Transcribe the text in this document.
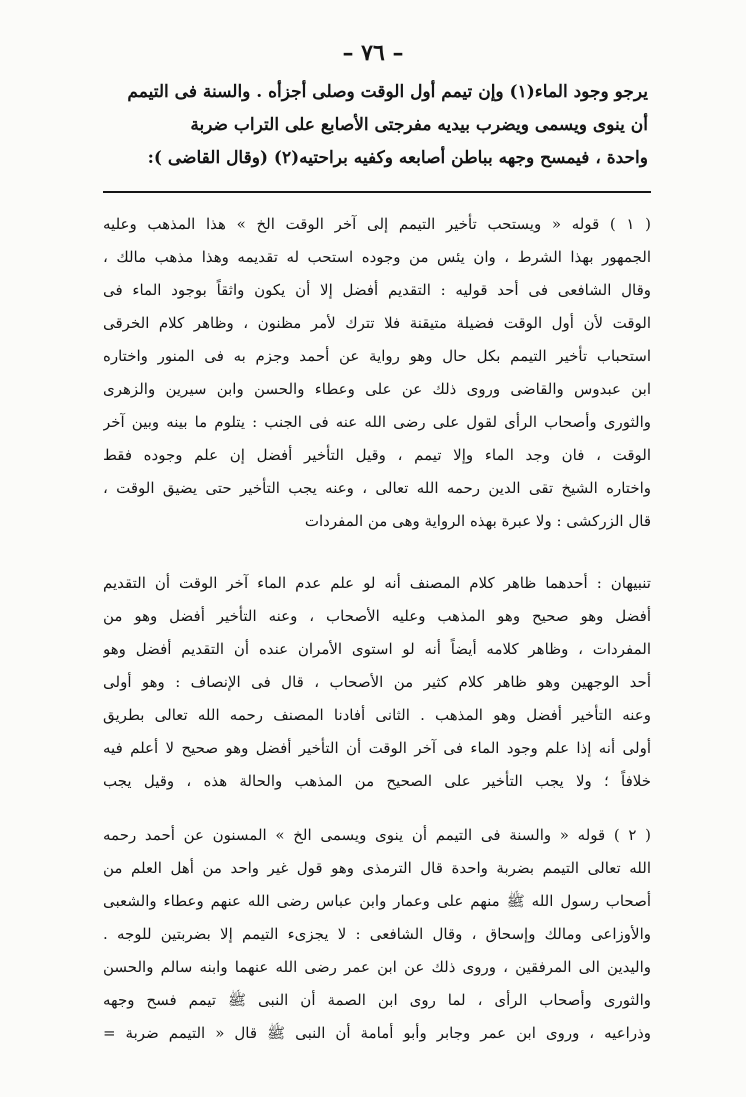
– ٧٦ –
يرجو وجود الماء(١) وإن تيمم أول الوقت وصلى أجزأه . والسنة فى التيمم
أن ينوى ويسمى ويضرب بيديه مفرجتى الأصابع على التراب ضربة
واحدة ، فيمسح وجهه بباطن أصابعه وكفيه براحتيه(٢) (وقال القاضى ):
( ١ ) قوله « ويستحب تأخير التيمم إلى آخر الوقت الخ » هذا المذهب وعليه
الجمهور بهذا الشرط ، وان يئس من وجوده استحب له تقديمه وهذا مذهب مالك ،
وقال الشافعى فى أحد قوليه : التقديم أفضل إلا أن يكون واثقاً بوجود الماء فى
الوقت لأن أول الوقت فضيلة متيقنة فلا تترك لأمر مظنون ، وظاهر كلام الخرقى
استحباب تأخير التيمم بكل حال وهو رواية عن أحمد وجزم به فى المنور واختاره
ابن عبدوس والقاضى وروى ذلك عن على وعطاء والحسن وابن سيرين والزهرى
والثورى وأصحاب الرأى لقول على رضى الله عنه فى الجنب : يتلوم ما بينه وبين آخر
الوقت ، فان وجد الماء وإلا تيمم ، وقيل التأخير أفضل إن علم وجوده فقط
واختاره الشيخ تقى الدين رحمه الله تعالى ، وعنه يجب التأخير حتى يضيق الوقت ،
قال الزركشى : ولا عبرة بهذه الرواية وهى من المفردات
تنبيهان : أحدهما ظاهر كلام المصنف أنه لو علم عدم الماء آخر الوقت أن التقديم
أفضل وهو صحيح وهو المذهب وعليه الأصحاب ، وعنه التأخير أفضل وهو من
المفردات ، وظاهر كلامه أيضاً أنه لو استوى الأمران عنده أن التقديم أفضل وهو
أحد الوجهين وهو ظاهر كلام كثير من الأصحاب ، قال فى الإنصاف : وهو أولى
وعنه التأخير أفضل وهو المذهب . الثانى أفادنا المصنف رحمه الله تعالى بطريق
أولى أنه إذا علم وجود الماء فى آخر الوقت أن التأخير أفضل وهو صحيح لا أعلم فيه
خلافاً ؛ ولا يجب التأخير على الصحيح من المذهب والحالة هذه ، وقيل يجب
( ٢ ) قوله « والسنة فى التيمم أن ينوى ويسمى الخ » المسنون عن أحمد رحمه
الله تعالى التيمم بضربة واحدة قال الترمذى وهو قول غير واحد من أهل العلم من
أصحاب رسول الله ﷺ منهم على وعمار وابن عباس رضى الله عنهم وعطاء والشعبى
والأوزاعى ومالك وإسحاق ، وقال الشافعى : لا يجزىء التيمم إلا بضربتين للوجه .
واليدين الى المرفقين ، وروى ذلك عن ابن عمر رضى الله عنهما وابنه سالم والحسن
والثورى وأصحاب الرأى ، لما روى ابن الصمة أن النبى ﷺ تيمم فسح وجهه
وذراعيه ، وروى ابن عمر وجابر وأبو أمامة أن النبى ﷺ قال « التيمم ضربة =
